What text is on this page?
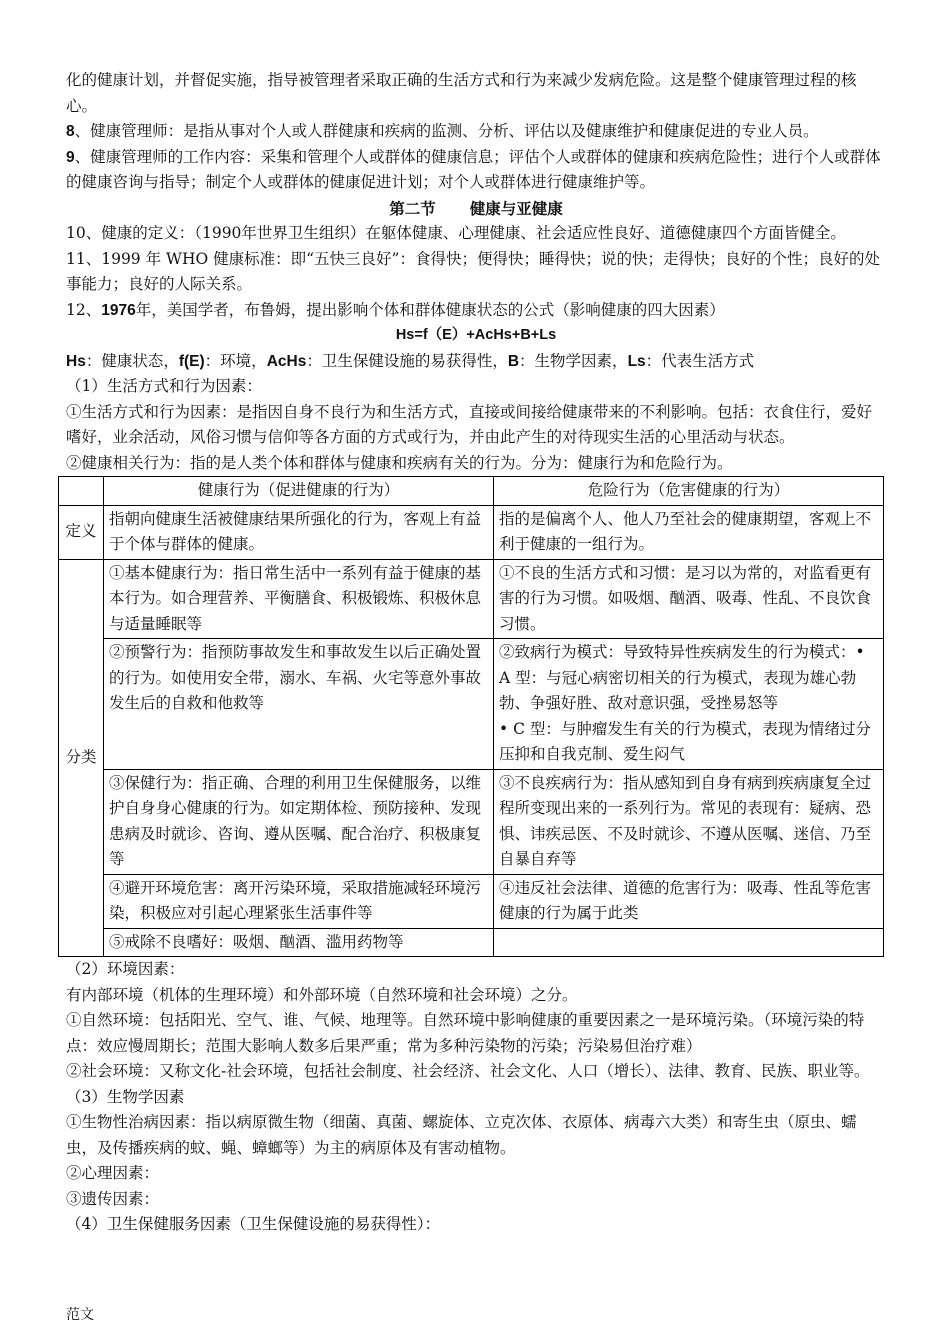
化的健康计划，并督促实施，指导被管理者采取正确的生活方式和行为来减少发病危险。这是整个健康管理过程的核心。

8、健康管理师：是指从事对个人或人群健康和疾病的监测、分析、评估以及健康维护和健康促进的专业人员。

9、健康管理师的工作内容：采集和管理个人或群体的健康信息；评估个人或群体的健康和疾病危险性；进行个人或群体的健康咨询与指导；制定个人或群体的健康促进计划；对个人或群体进行健康维护等。

第二节 健康与亚健康

10、健康的定义：（1990年世界卫生组织）在躯体健康、心理健康、社会适应性良好、道德健康四个方面皆健全。

11、1999 年 WHO 健康标准：即“五快三良好”：食得快；便得快；睡得快；说的快；走得快；良好的个性；良好的处事能力；良好的人际关系。

12、1976年，美国学者，布鲁姆，提出影响个体和群体健康状态的公式（影响健康的四大因素）

Hs=f（E）+AcHs+B+Ls

Hs：健康状态，f(E)：环境，AcHs：卫生保健设施的易获得性，B：生物学因素，Ls：代表生活方式

（1）生活方式和行为因素：

①生活方式和行为因素：是指因自身不良行为和生活方式，直接或间接给健康带来的不利影响。包括：衣食住行，爱好嗜好，业余活动，风俗习惯与信仰等各方面的方式或行为，并由此产生的对待现实生活的心里活动与状态。

②健康相关行为：指的是人类个体和群体与健康和疾病有关的行为。分为：健康行为和危险行为。

	健康行为（促进健康的行为）	危险行为（危害健康的行为）
定义	指朝向健康生活被健康结果所强化的行为，客观上有益于个体与群体的健康。	指的是偏离个人、他人乃至社会的健康期望，客观上不利于健康的一组行为。
分类	①基本健康行为：指日常生活中一系列有益于健康的基本行为。如合理营养、平衡膳食、积极锻炼、积极休息与适量睡眠等	①不良的生活方式和习惯：是习以为常的，对监看更有害的行为习惯。如吸烟、酗酒、吸毒、性乱、不良饮食习惯。
	②预警行为：指预防事故发生和事故发生以后正确处置的行为。如使用安全带，溺水、车祸、火宅等意外事故发生后的自救和他救等	②致病行为模式：导致特异性疾病发生的行为模式：• A 型：与冠心病密切相关的行为模式，表现为雄心勃勃、争强好胜、敌对意识强，受挫易怒等
• C 型：与肿瘤发生有关的行为模式，表现为情绪过分压抑和自我克制、爱生闷气

	③保健行为：指正确、合理的利用卫生保健服务，以维护自身身心健康的行为。如定期体检、预防接种、发现患病及时就诊、咨询、遵从医嘱、配合治疗、积极康复等	③不良疾病行为：指从感知到自身有病到疾病康复全过程所变现出来的一系列行为。常见的表现有：疑病、恐惧、讳疾忌医、不及时就诊、不遵从医嘱、迷信、乃至自暴自弃等
	④避开环境危害：离开污染环境，采取措施减轻环境污染，积极应对引起心理紧张生活事件等	④违反社会法律、道德的危害行为：吸毒、性乱等危害健康的行为属于此类
	⑤戒除不良嗜好：吸烟、酗酒、滥用药物等	

（2）环境因素：

有内部环境（机体的生理环境）和外部环境（自然环境和社会环境）之分。

①自然环境：包括阳光、空气、谁、气候、地理等。自然环境中影响健康的重要因素之一是环境污染。（环境污染的特点：效应慢周期长；范围大影响人数多后果严重；常为多种污染物的污染；污染易但治疗难）

②社会环境：又称文化-社会环境，包括社会制度、社会经济、社会文化、人口（增长）、法律、教育、民族、职业等。

（3）生物学因素

①生物性治病因素：指以病原微生物（细菌、真菌、螺旋体、立克次体、衣原体、病毒六大类）和寄生虫（原虫、蠕虫，及传播疾病的蚊、蝇、蟑螂等）为主的病原体及有害动植物。

②心理因素：

③遗传因素：

（4）卫生保健服务因素（卫生保健设施的易获得性）：

范文
